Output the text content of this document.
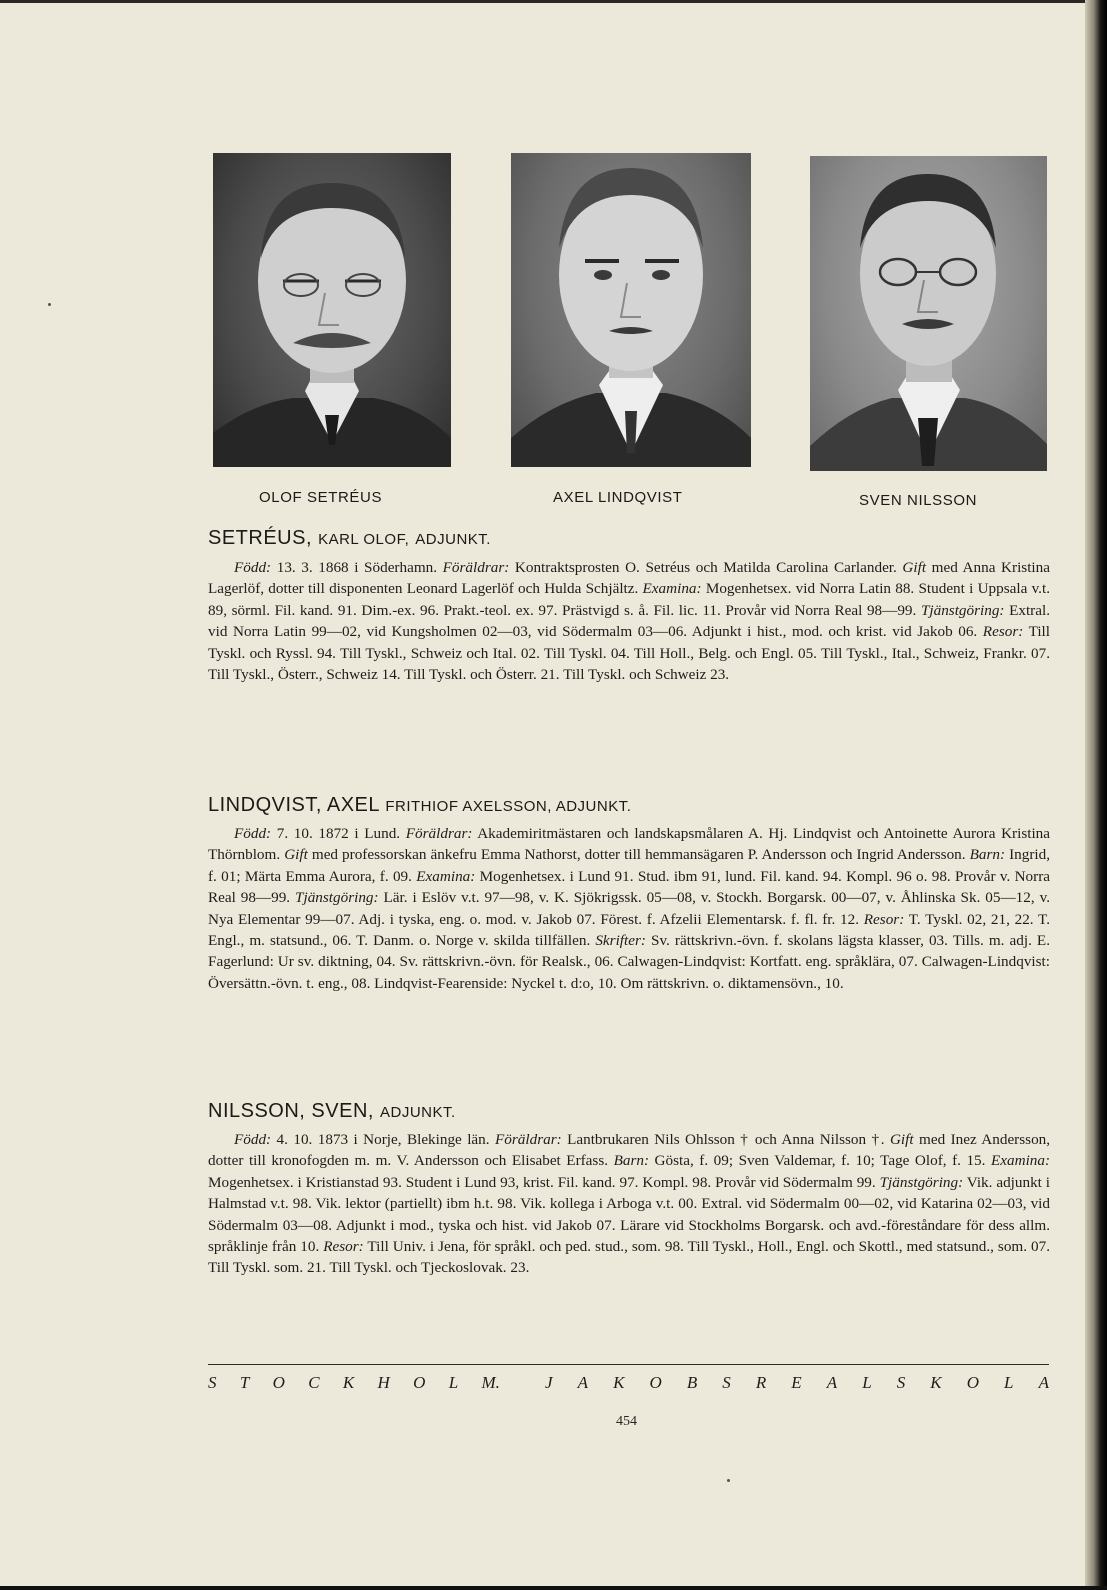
OLOF SETRÉUS	AXEL LINDQVIST	SVEN NILSSON
SETRÉUS, KARL OLOF, ADJUNKT.
Född: 13. 3. 1868 i Söderhamn. Föräldrar: Kontraktsprosten O. Setréus och Matilda Carolina Carlander. Gift med Anna Kristina Lagerlöf, dotter till disponenten Leonard Lagerlöf och Hulda Schjältz. Examina: Mogenhetsex. vid Norra Latin 88. Student i Uppsala v.t. 89, sörml. Fil. kand. 91. Dim.-ex. 96. Prakt.-teol. ex. 97. Prästvigd s. å. Fil. lic. 11. Provår vid Norra Real 98—99. Tjänstgöring: Extral. vid Norra Latin 99—02, vid Kungsholmen 02—03, vid Södermalm 03—06. Adjunkt i hist., mod. och krist. vid Jakob 06. Resor: Till Tyskl. och Ryssl. 94. Till Tyskl., Schweiz och Ital. 02. Till Tyskl. 04. Till Holl., Belg. och Engl. 05. Till Tyskl., Ital., Schweiz, Frankr. 07. Till Tyskl., Österr., Schweiz 14. Till Tyskl. och Österr. 21. Till Tyskl. och Schweiz 23.
LINDQVIST, AXEL FRITHIOF AXELSSON, ADJUNKT.
Född: 7. 10. 1872 i Lund. Föräldrar: Akademiritmästaren och landskapsmålaren A. Hj. Lindqvist och Antoinette Aurora Kristina Thörnblom. Gift med professorskan änkefru Emma Nathorst, dotter till hemmansägaren P. Andersson och Ingrid Andersson. Barn: Ingrid, f. 01; Märta Emma Aurora, f. 09. Examina: Mogenhetsex. i Lund 91. Stud. ibm 91, lund. Fil. kand. 94. Kompl. 96 o. 98. Provår v. Norra Real 98—99. Tjänstgöring: Lär. i Eslöv v.t. 97—98, v. K. Sjökrigssk. 05—08, v. Stockh. Borgarsk. 00—07, v. Åhlinska Sk. 05—12, v. Nya Elementar 99—07. Adj. i tyska, eng. o. mod. v. Jakob 07. Förest. f. Afzelii Elementarsk. f. fl. fr. 12. Resor: T. Tyskl. 02, 21, 22. T. Engl., m. statsund., 06. T. Danm. o. Norge v. skilda tillfällen. Skrifter: Sv. rättskrivn.-övn. f. skolans lägsta klasser, 03. Tills. m. adj. E. Fagerlund: Ur sv. diktning, 04. Sv. rättskrivn.-övn. för Realsk., 06. Calwagen-Lindqvist: Kortfatt. eng. språklära, 07. Calwagen-Lindqvist: Översättn.-övn. t. eng., 08. Lindqvist-Fearenside: Nyckel t. d:o, 10. Om rättskrivn. o. diktamensövn., 10.
NILSSON, SVEN, ADJUNKT.
Född: 4. 10. 1873 i Norje, Blekinge län. Föräldrar: Lantbrukaren Nils Ohlsson † och Anna Nilsson †. Gift med Inez Andersson, dotter till kronofogden m. m. V. Andersson och Elisabet Erfass. Barn: Gösta, f. 09; Sven Valdemar, f. 10; Tage Olof, f. 15. Examina: Mogenhetsex. i Kristianstad 93. Student i Lund 93, krist. Fil. kand. 97. Kompl. 98. Provår vid Södermalm 99. Tjänstgöring: Vik. adjunkt i Halmstad v.t. 98. Vik. lektor (partiellt) ibm h.t. 98. Vik. kollega i Arboga v.t. 00. Extral. vid Södermalm 00—02, vid Katarina 02—03, vid Södermalm 03—08. Adjunkt i mod., tyska och hist. vid Jakob 07. Lärare vid Stockholms Borgarsk. och avd.-föreståndare för dess allm. språklinje från 10. Resor: Till Univ. i Jena, för språkl. och ped. stud., som. 98. Till Tyskl., Holl., Engl. och Skottl., med statsund., som. 07. Till Tyskl. som. 21. Till Tyskl. och Tjeckoslovak. 23.
S T O C K H O L M.	J A K O B S R E A L S K O L A
454
